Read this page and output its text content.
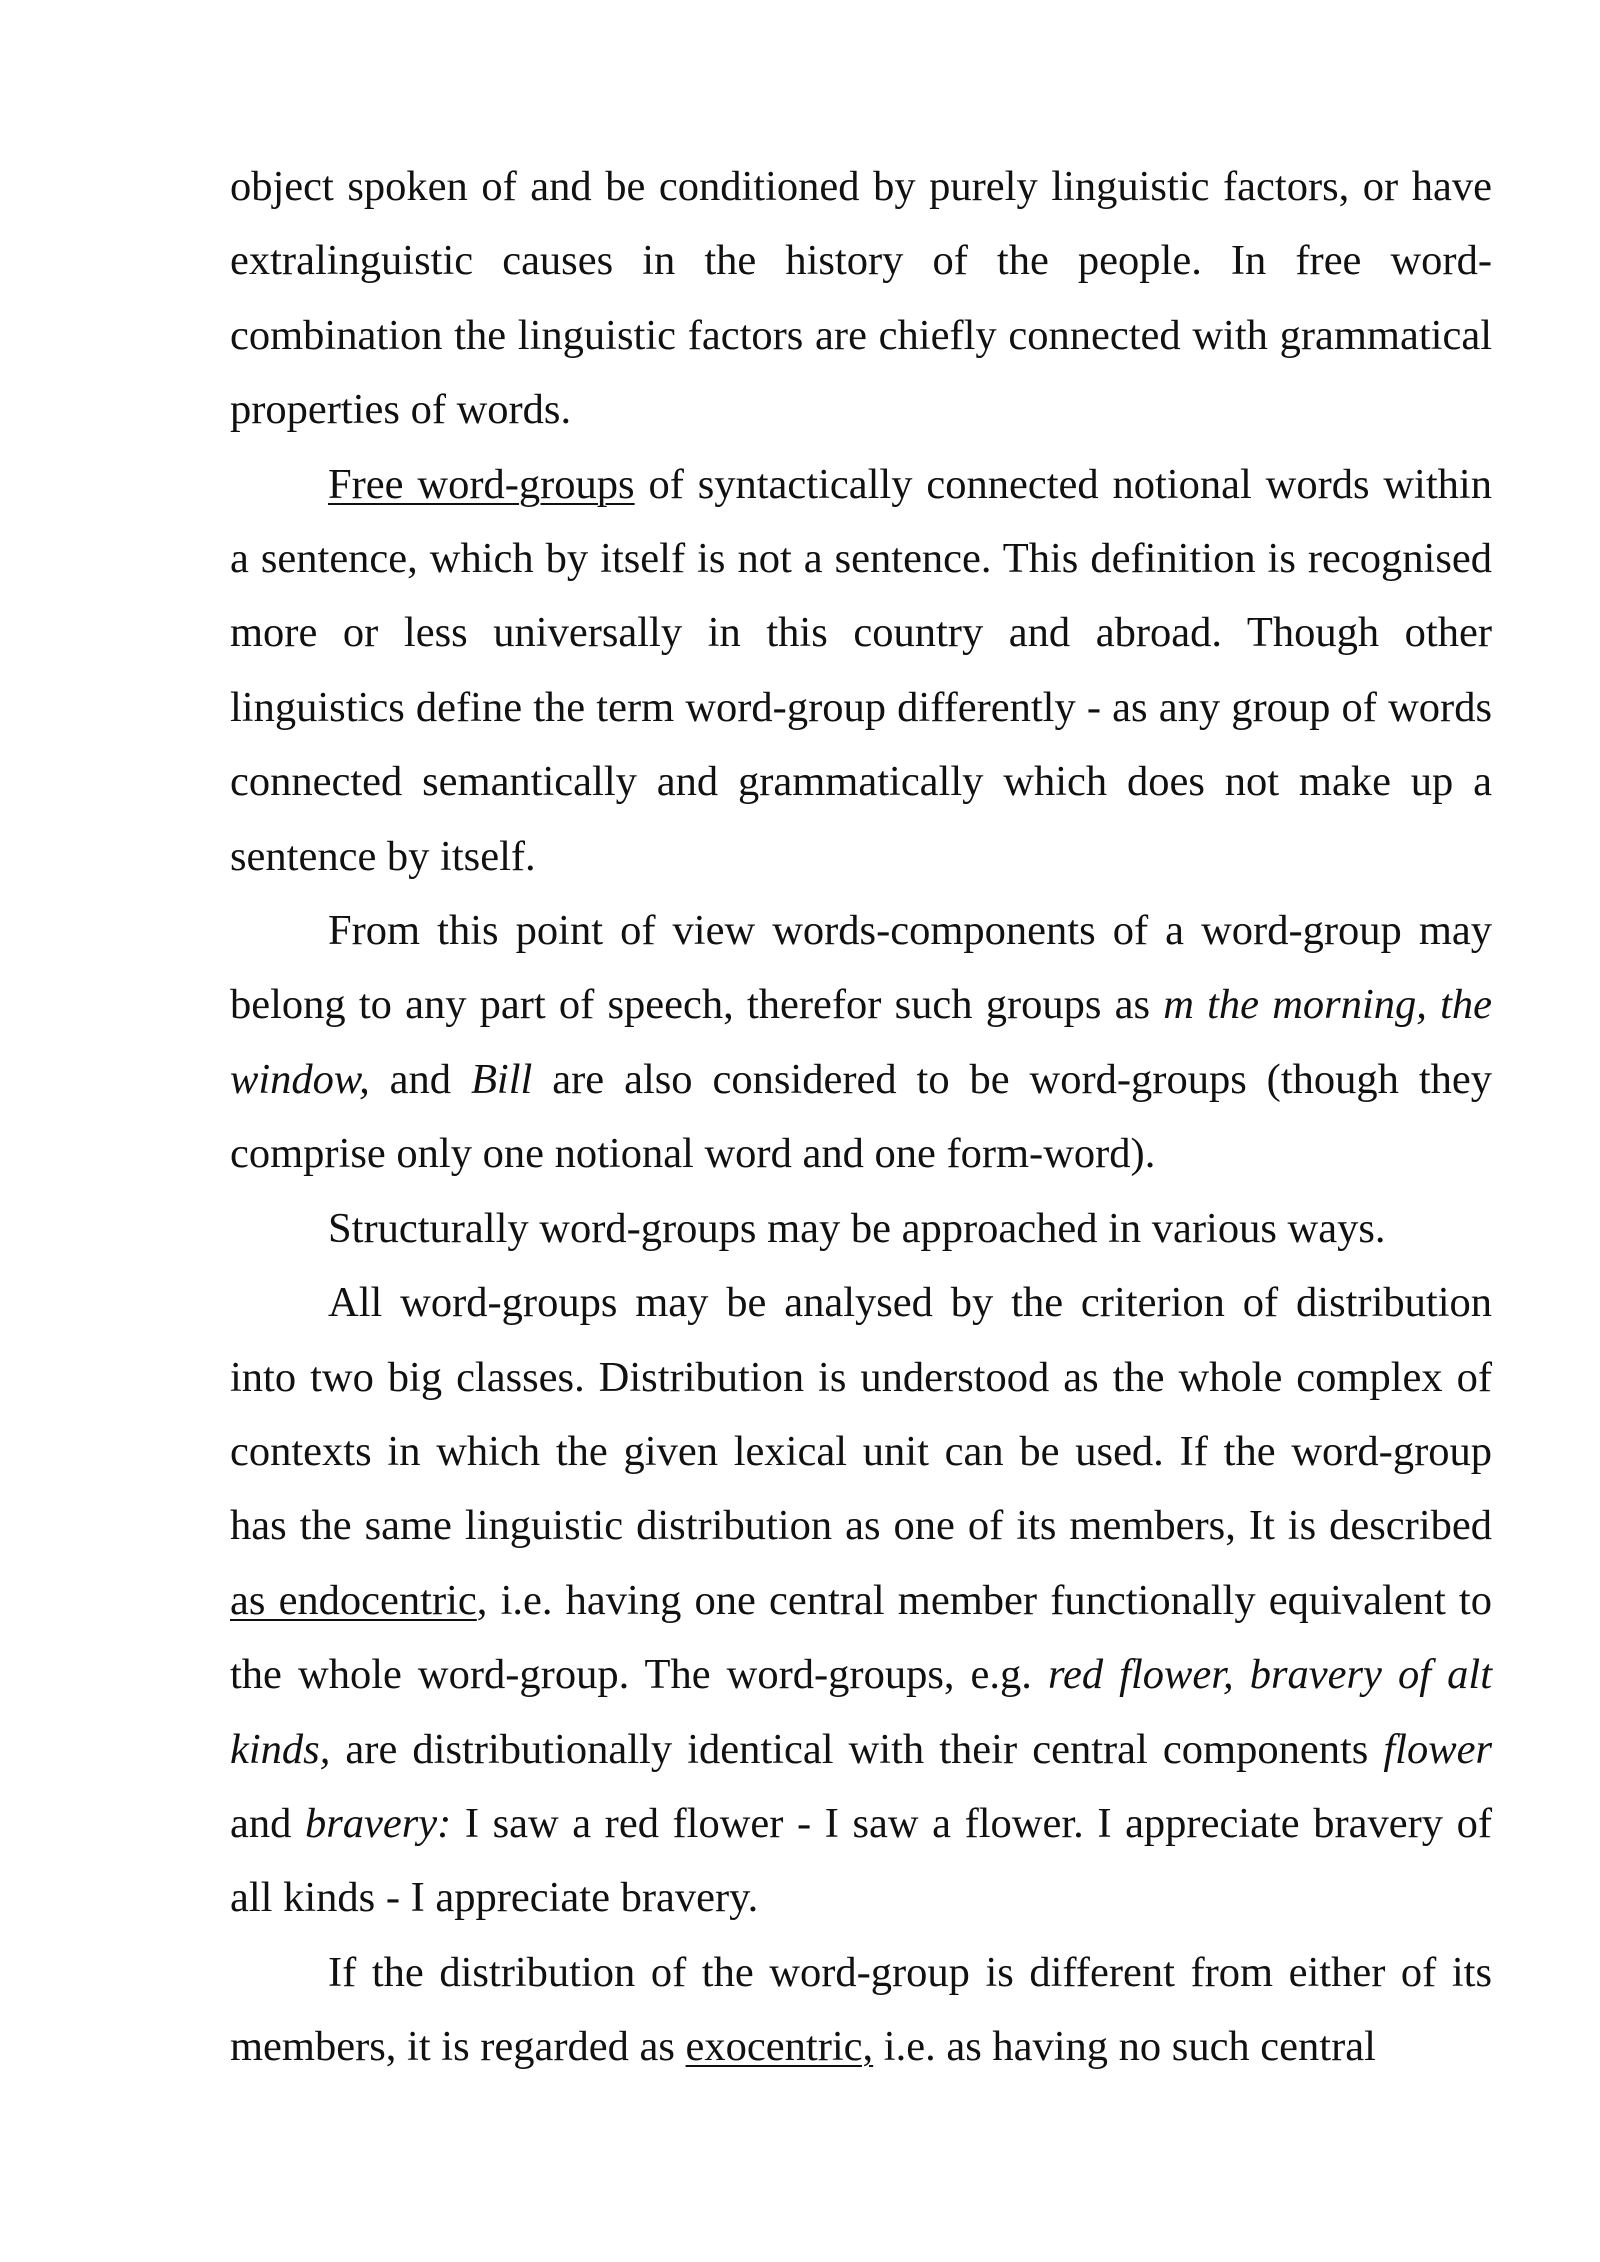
object spoken of and be conditioned by purely linguistic factors, or have extralinguistic causes in the history of the people. In free word-combination the linguistic factors are chiefly connected with grammatical properties of words.

Free word-groups of syntactically connected notional words within a sentence, which by itself is not a sentence. This definition is recognised more or less universally in this country and abroad. Though other linguistics define the term word-group differently - as any group of words connected semantically and grammatically which does not make up a sentence by itself.

From this point of view words-components of a word-group may belong to any part of speech, therefor such groups as m the morning, the window, and Bill are also considered to be word-groups (though they comprise only one notional word and one form-word).

Structurally word-groups may be approached in various ways.

All word-groups may be analysed by the criterion of distribution into two big classes. Distribution is understood as the whole complex of contexts in which the given lexical unit can be used. If the word-group has the same linguistic distribution as one of its members, It is described as endocentric, i.e. having one central member functionally equivalent to the whole word-group. The word-groups, e.g. red flower, bravery of alt kinds, are distributionally identical with their central components flower and bravery: I saw a red flower - I saw a flower. I appreciate bravery of all kinds - I appreciate bravery.

If the distribution of the word-group is different from either of its members, it is regarded as exocentric, i.e. as having no such central
